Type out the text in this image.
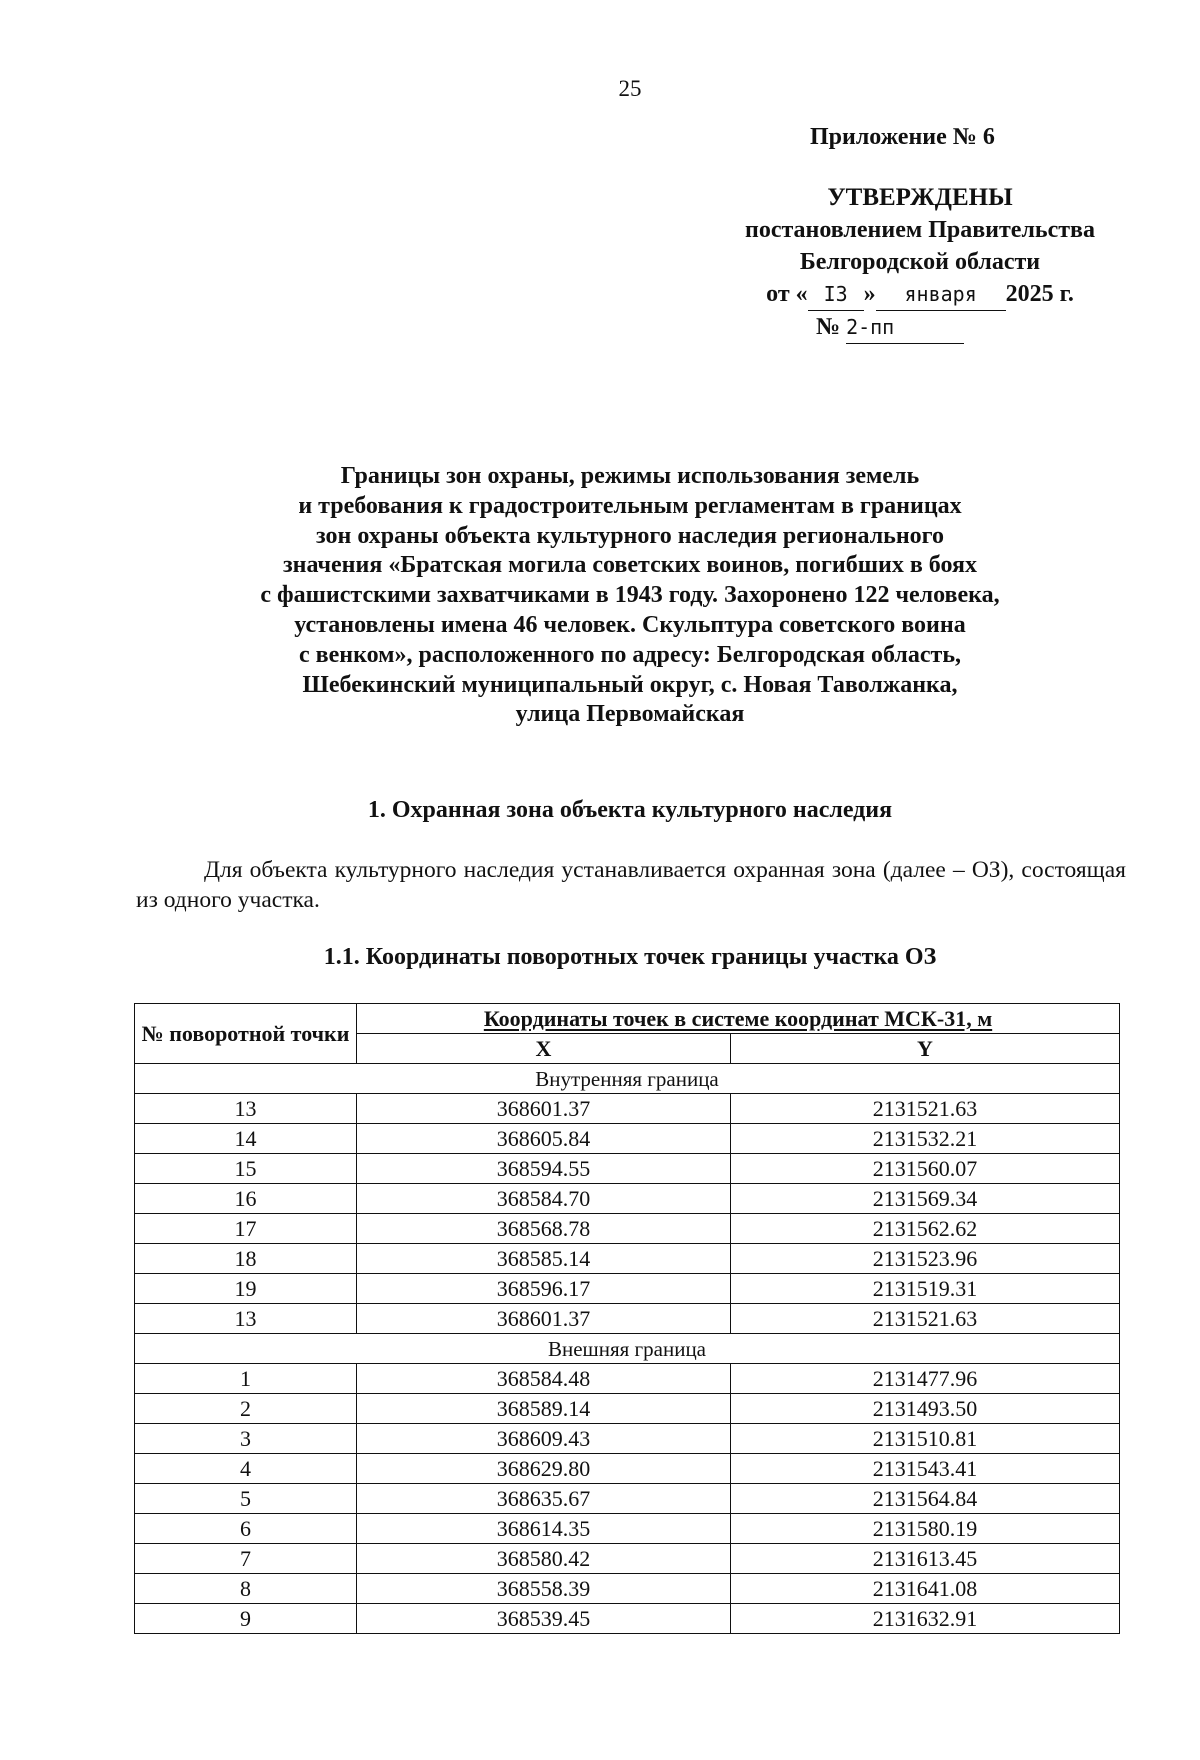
25
Приложение № 6
УТВЕРЖДЕНЫ
постановлением Правительства
Белгородской области
от « I3 » января 2025 г.
№ 2-пп
Границы зон охраны, режимы использования земель
и требования к градостроительным регламентам в границах
зон охраны объекта культурного наследия регионального
значения «Братская могила советских воинов, погибших в боях
с фашистскими захватчиками в 1943 году. Захоронено 122 человека,
установлены имена 46 человек. Скульптура советского воина
с венком», расположенного по адресу: Белгородская область,
Шебекинский муниципальный округ, с. Новая Таволжанка,
улица Первомайская
1. Охранная зона объекта культурного наследия
Для объекта культурного наследия устанавливается охранная зона (далее – ОЗ), состоящая из одного участка.
1.1. Координаты поворотных точек границы участка ОЗ
№ поворотной точки	Координаты точек в системе координат МСК-31, м	
	X	Y
Внутренняя граница		
13	368601.37	2131521.63
14	368605.84	2131532.21
15	368594.55	2131560.07
16	368584.70	2131569.34
17	368568.78	2131562.62
18	368585.14	2131523.96
19	368596.17	2131519.31
13	368601.37	2131521.63
Внешняя граница		
1	368584.48	2131477.96
2	368589.14	2131493.50
3	368609.43	2131510.81
4	368629.80	2131543.41
5	368635.67	2131564.84
6	368614.35	2131580.19
7	368580.42	2131613.45
8	368558.39	2131641.08
9	368539.45	2131632.91
